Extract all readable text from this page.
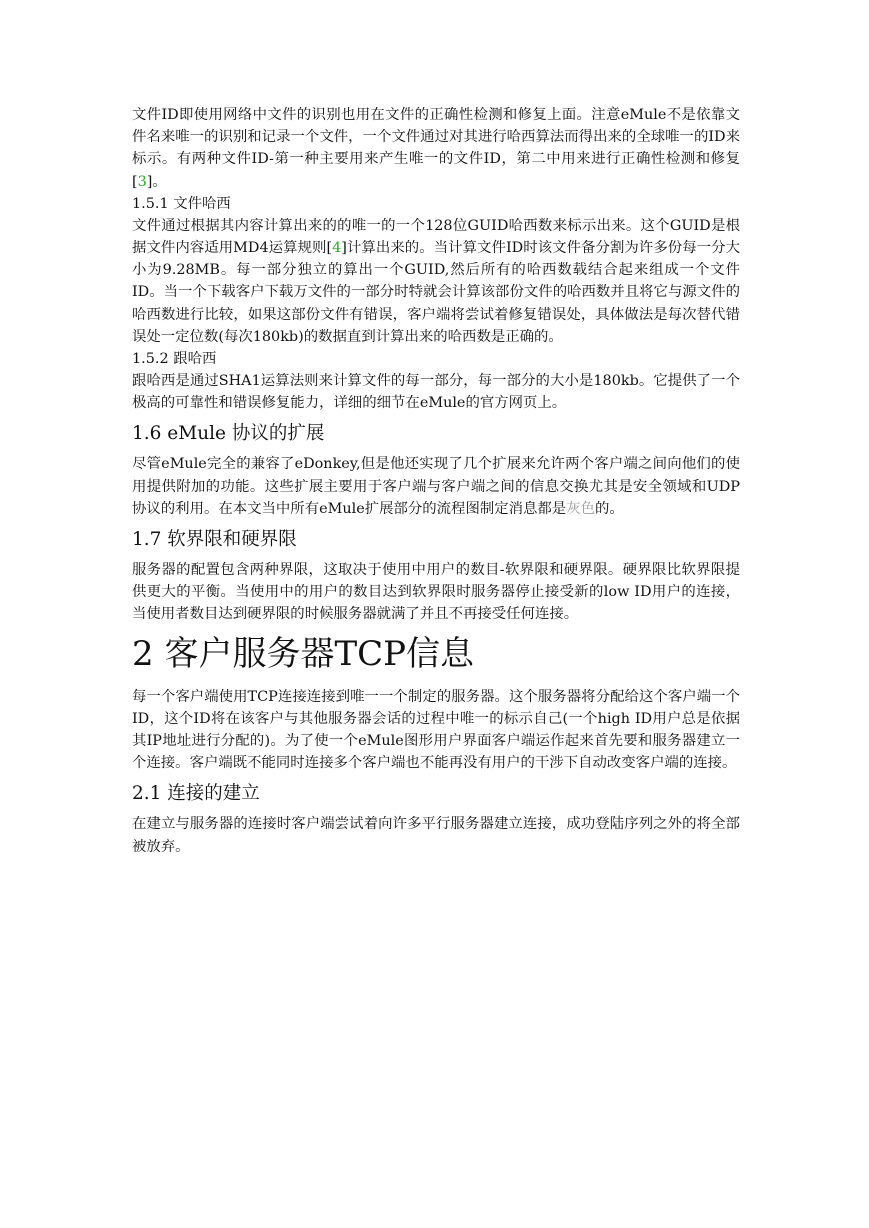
文件ID即使用网络中文件的识别也用在文件的正确性检测和修复上面。注意eMule不是依靠文件名来唯一的识别和记录一个文件，一个文件通过对其进行哈西算法而得出来的全球唯一的ID来标示。有两种文件ID-第一种主要用来产生唯一的文件ID，第二中用来进行正确性检测和修复[3]。

1.5.1 文件哈西

文件通过根据其内容计算出来的的唯一的一个128位GUID哈西数来标示出来。这个GUID是根据文件内容适用MD4运算规则[4]计算出来的。当计算文件ID时该文件备分割为许多份每一分大小为9.28MB。每一部分独立的算出一个GUID,然后所有的哈西数载结合起来组成一个文件ID。当一个下载客户下载万文件的一部分时特就会计算该部份文件的哈西数并且将它与源文件的哈西数进行比较，如果这部份文件有错误，客户端将尝试着修复错误处，具体做法是每次替代错误处一定位数(每次180kb)的数据直到计算出来的哈西数是正确的。

1.5.2 跟哈西

跟哈西是通过SHA1运算法则来计算文件的每一部分，每一部分的大小是180kb。它提供了一个极高的可靠性和错误修复能力，详细的细节在eMule的官方网页上。

1.6 eMule 协议的扩展

尽管eMule完全的兼容了eDonkey,但是他还实现了几个扩展来允许两个客户端之间向他们的使用提供附加的功能。这些扩展主要用于客户端与客户端之间的信息交换尤其是安全领域和UDP协议的利用。在本文当中所有eMule扩展部分的流程图制定消息都是灰色的。

1.7 软界限和硬界限

服务器的配置包含两种界限，这取决于使用中用户的数目-软界限和硬界限。硬界限比软界限提供更大的平衡。当使用中的用户的数目达到软界限时服务器停止接受新的low ID用户的连接，当使用者数目达到硬界限的时候服务器就满了并且不再接受任何连接。

2 客户服务器TCP信息

每一个客户端使用TCP连接连接到唯一一个制定的服务器。这个服务器将分配给这个客户端一个ID，这个ID将在该客户与其他服务器会话的过程中唯一的标示自己(一个high ID用户总是依据其IP地址进行分配的)。为了使一个eMule图形用户界面客户端运作起来首先要和服务器建立一个连接。客户端既不能同时连接多个客户端也不能再没有用户的干涉下自动改变客户端的连接。

2.1 连接的建立

在建立与服务器的连接时客户端尝试着向许多平行服务器建立连接，成功登陆序列之外的将全部被放弃。
